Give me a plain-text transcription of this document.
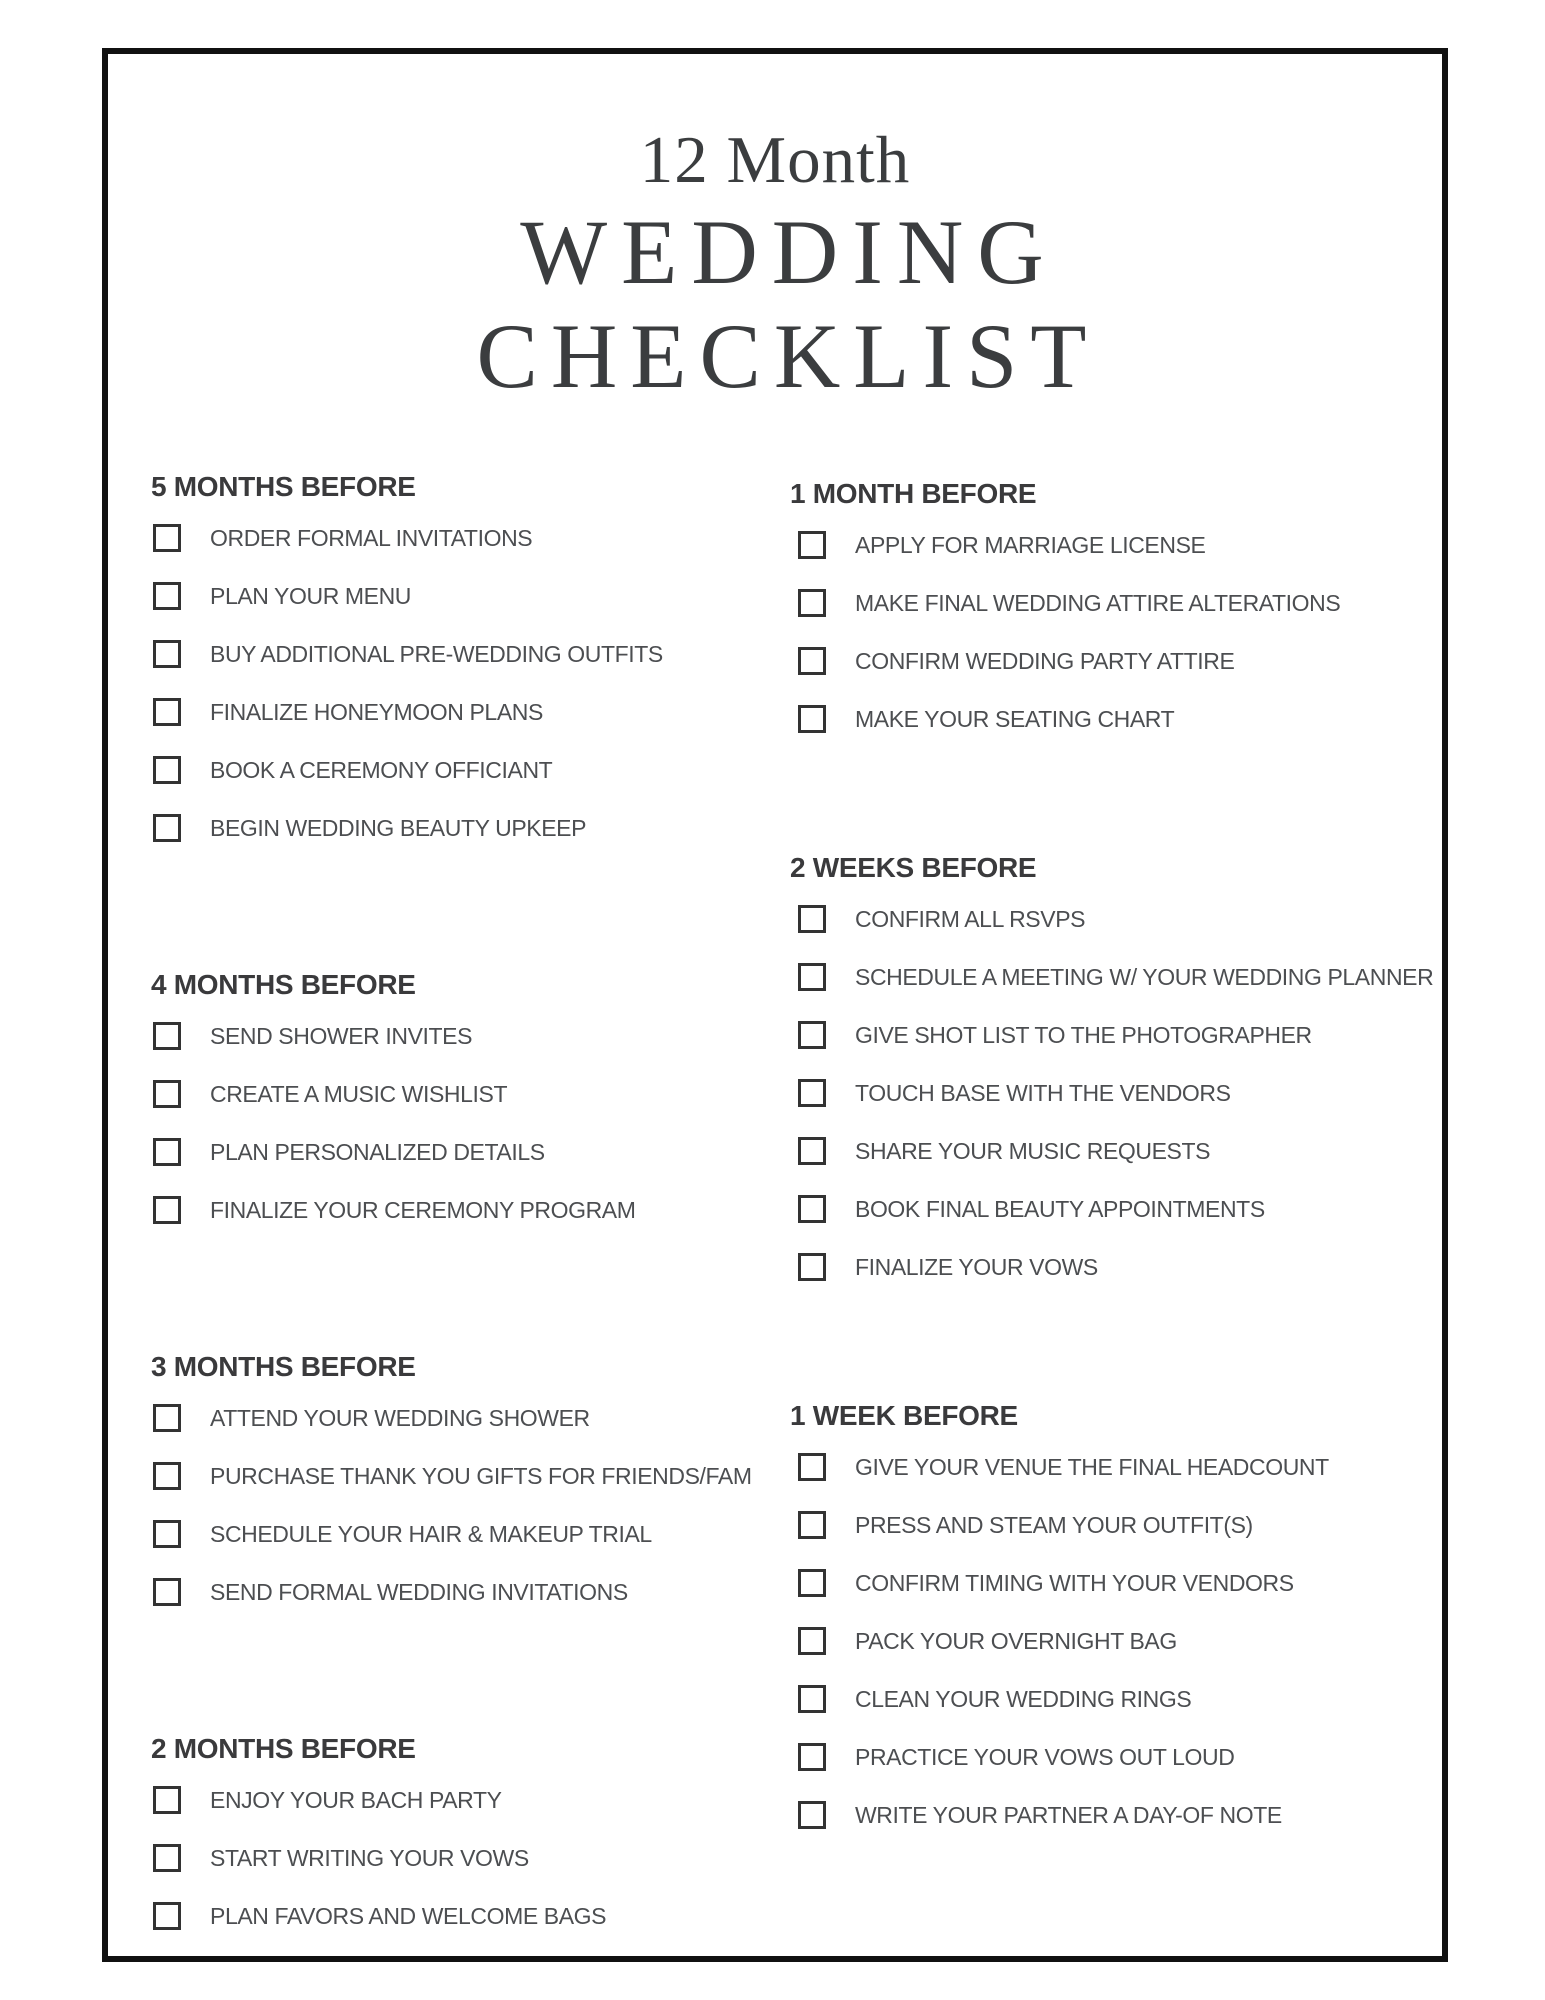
12 Month
WEDDING
CHECKLIST
5 MONTHS BEFORE
ORDER FORMAL INVITATIONS
PLAN YOUR MENU
BUY ADDITIONAL PRE-WEDDING OUTFITS
FINALIZE HONEYMOON PLANS
BOOK A CEREMONY OFFICIANT
BEGIN WEDDING BEAUTY UPKEEP
4 MONTHS BEFORE
SEND SHOWER INVITES
CREATE A MUSIC WISHLIST
PLAN PERSONALIZED DETAILS
FINALIZE YOUR CEREMONY PROGRAM
3 MONTHS BEFORE
ATTEND YOUR WEDDING SHOWER
PURCHASE THANK YOU GIFTS FOR FRIENDS/FAM
SCHEDULE YOUR HAIR & MAKEUP TRIAL
SEND FORMAL WEDDING INVITATIONS
2 MONTHS BEFORE
ENJOY YOUR BACH PARTY
START WRITING YOUR VOWS
PLAN FAVORS AND WELCOME BAGS
1 MONTH BEFORE
APPLY FOR MARRIAGE LICENSE
MAKE FINAL WEDDING ATTIRE ALTERATIONS
CONFIRM WEDDING PARTY ATTIRE
MAKE YOUR SEATING CHART
2 WEEKS BEFORE
CONFIRM ALL RSVPS
SCHEDULE A MEETING W/ YOUR WEDDING PLANNER
GIVE SHOT LIST TO THE PHOTOGRAPHER
TOUCH BASE WITH THE VENDORS
SHARE YOUR MUSIC REQUESTS
BOOK FINAL BEAUTY APPOINTMENTS
FINALIZE YOUR VOWS
1 WEEK BEFORE
GIVE YOUR VENUE THE FINAL HEADCOUNT
PRESS AND STEAM YOUR OUTFIT(S)
CONFIRM TIMING WITH YOUR VENDORS
PACK YOUR OVERNIGHT BAG
CLEAN YOUR WEDDING RINGS
PRACTICE YOUR VOWS OUT LOUD
WRITE YOUR PARTNER A DAY-OF NOTE
